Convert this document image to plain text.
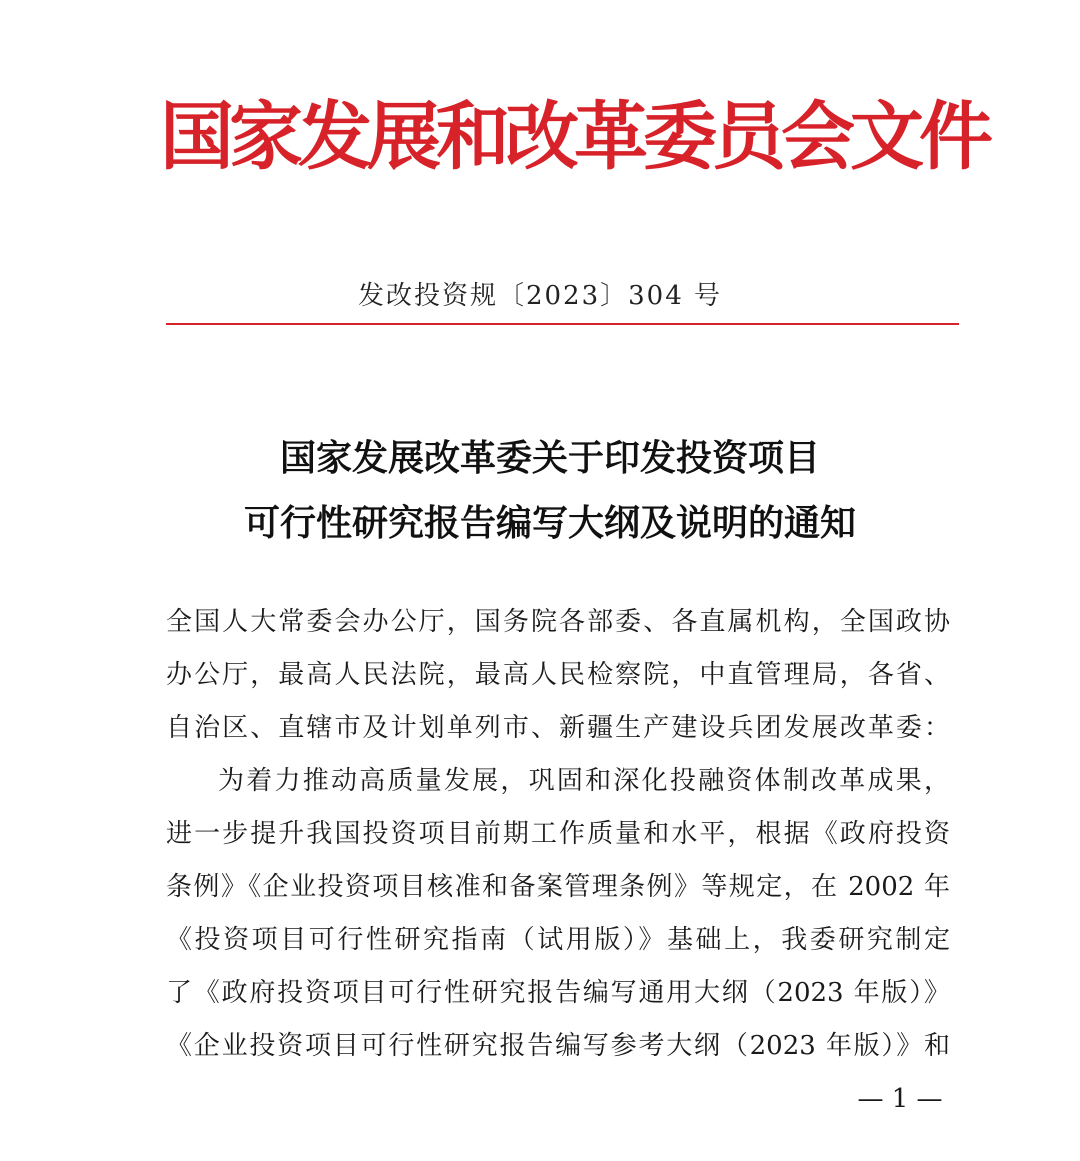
国家发展和改革委员会文件
发改投资规〔2023〕304 号
国家发展改革委关于印发投资项目
可行性研究报告编写大纲及说明的通知
全国人大常委会办公厅，国务院各部委、各直属机构，全国政协
办公厅，最高人民法院，最高人民检察院，中直管理局，各省、
自治区、直辖市及计划单列市、新疆生产建设兵团发展改革委：
为着力推动高质量发展，巩固和深化投融资体制改革成果，
进一步提升我国投资项目前期工作质量和水平，根据《政府投资
条例》《企业投资项目核准和备案管理条例》等规定，在 2002 年
《投资项目可行性研究指南（试用版）》基础上，我委研究制定
了《政府投资项目可行性研究报告编写通用大纲（2023 年版）》
《企业投资项目可行性研究报告编写参考大纲（2023 年版）》和
— 1 —
